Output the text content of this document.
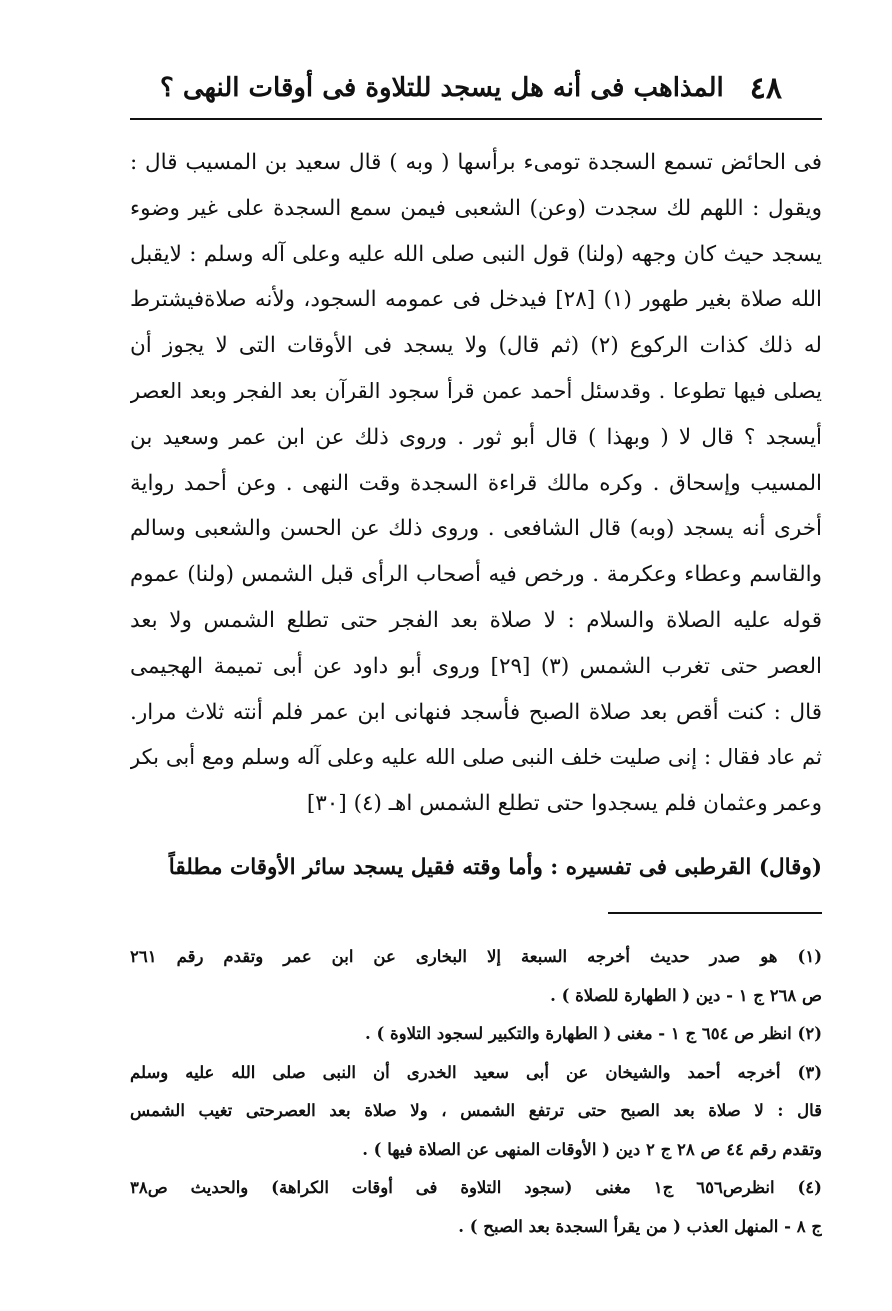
٤٨
المذاهب فى أنه هل يسجد للتلاوة فى أوقات النهى ؟
فى الحائض تسمع السجدة تومىء برأسها ( وبه ) قال سعيد بن المسيب قال :
ويقول : اللهم لك سجدت (وعن) الشعبى فيمن سمع السجدة على غير وضوء
يسجد حيث كان وجهه (ولنا) قول النبى صلى الله عليه وعلى آله وسلم : لايقبل
الله صلاة بغير طهور (١) [٢٨] فيدخل فى عمومه السجود، ولأنه صلاةفيشترط
له ذلك كذات الركوع (٢) (ثم قال) ولا يسجد فى الأوقات التى لا يجوز أن
يصلى فيها تطوعا . وقدسئل أحمد عمن قرأ سجود القرآن بعد الفجر وبعد العصر
أيسجد ؟ قال لا ( وبهذا ) قال أبو ثور . وروى ذلك عن ابن عمر وسعيد بن
المسيب وإسحاق . وكره مالك قراءة السجدة وقت النهى . وعن أحمد رواية
أخرى أنه يسجد (وبه) قال الشافعى . وروى ذلك عن الحسن والشعبى وسالم
والقاسم وعطاء وعكرمة . ورخص فيه أصحاب الرأى قبل الشمس (ولنا) عموم
قوله عليه الصلاة والسلام : لا صلاة بعد الفجر حتى تطلع الشمس ولا بعد
العصر حتى تغرب الشمس (٣) [٢٩] وروى أبو داود عن أبى تميمة الهجيمى
قال : كنت أقص بعد صلاة الصبح فأسجد فنهانى ابن عمر فلم أنته ثلاث مرار.
ثم عاد فقال : إنى صليت خلف النبى صلى الله عليه وعلى آله وسلم ومع أبى بكر
وعمر وعثمان فلم يسجدوا حتى تطلع الشمس اهـ (٤) [٣٠]
(وقال) القرطبى فى تفسيره : وأما وقته فقيل يسجد سائر الأوقات مطلقاً
(١) هو صدر حديث أخرجه السبعة إلا البخارى عن ابن عمر وتقدم رقم ٢٦١
ص ٢٦٨ ج ١ - دين ( الطهارة للصلاة ) .
(٢) انظر ص ٦٥٤ ج ١ - مغنى ( الطهارة والتكبير لسجود التلاوة ) .
(٣) أخرجه أحمد والشيخان عن أبى سعيد الخدرى أن النبى صلى الله عليه وسلم
قال : لا صلاة بعد الصبح حتى ترتفع الشمس ، ولا صلاة بعد العصرحتى تغيب الشمس
وتقدم رقم ٤٤ ص ٢٨ ج ٢ دين ( الأوقات المنهى عن الصلاة فيها ) .
(٤) انظرص٦٥٦ ج١ مغنى (سجود التلاوة فى أوقات الكراهة) والحديث ص٣٨
ج ٨ - المنهل العذب ( من يقرأ السجدة بعد الصبح ) .
